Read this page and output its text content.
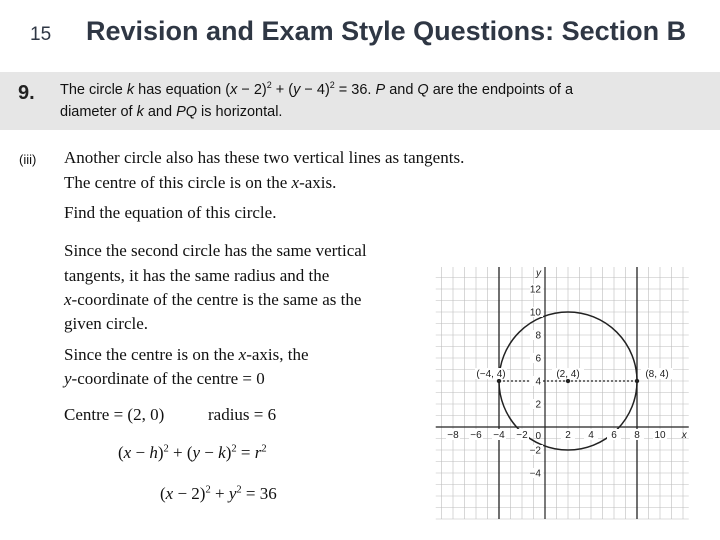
15 Revision and Exam Style Questions: Section B
9. The circle k has equation $(x - 2)^2 + (y - 4)^2 = 36$. P and Q are the endpoints of a
diameter of k and PQ is horizontal.
(iii) Another circle also has these two vertical lines as tangents.
The centre of this circle is on the x-axis.
Find the equation of this circle.
Since the second circle has the same vertical
tangents, it has the same radius and the
x-coordinate of the centre is the same as the
given circle.
Since the centre is on the x-axis, the
y-coordinate of the centre = 0
Centre = (2, 0)	radius = 6
$(x - h)^2 + (y - k)^2 = r^2$
$(x - 2)^2 + y^2 = 36$
−8 −6 −4 −2	2 4 6 8 10
−4
−2
2
4
6
8
10
12
0	x
y
(−4, 4)	(2, 4)	(8, 4)
